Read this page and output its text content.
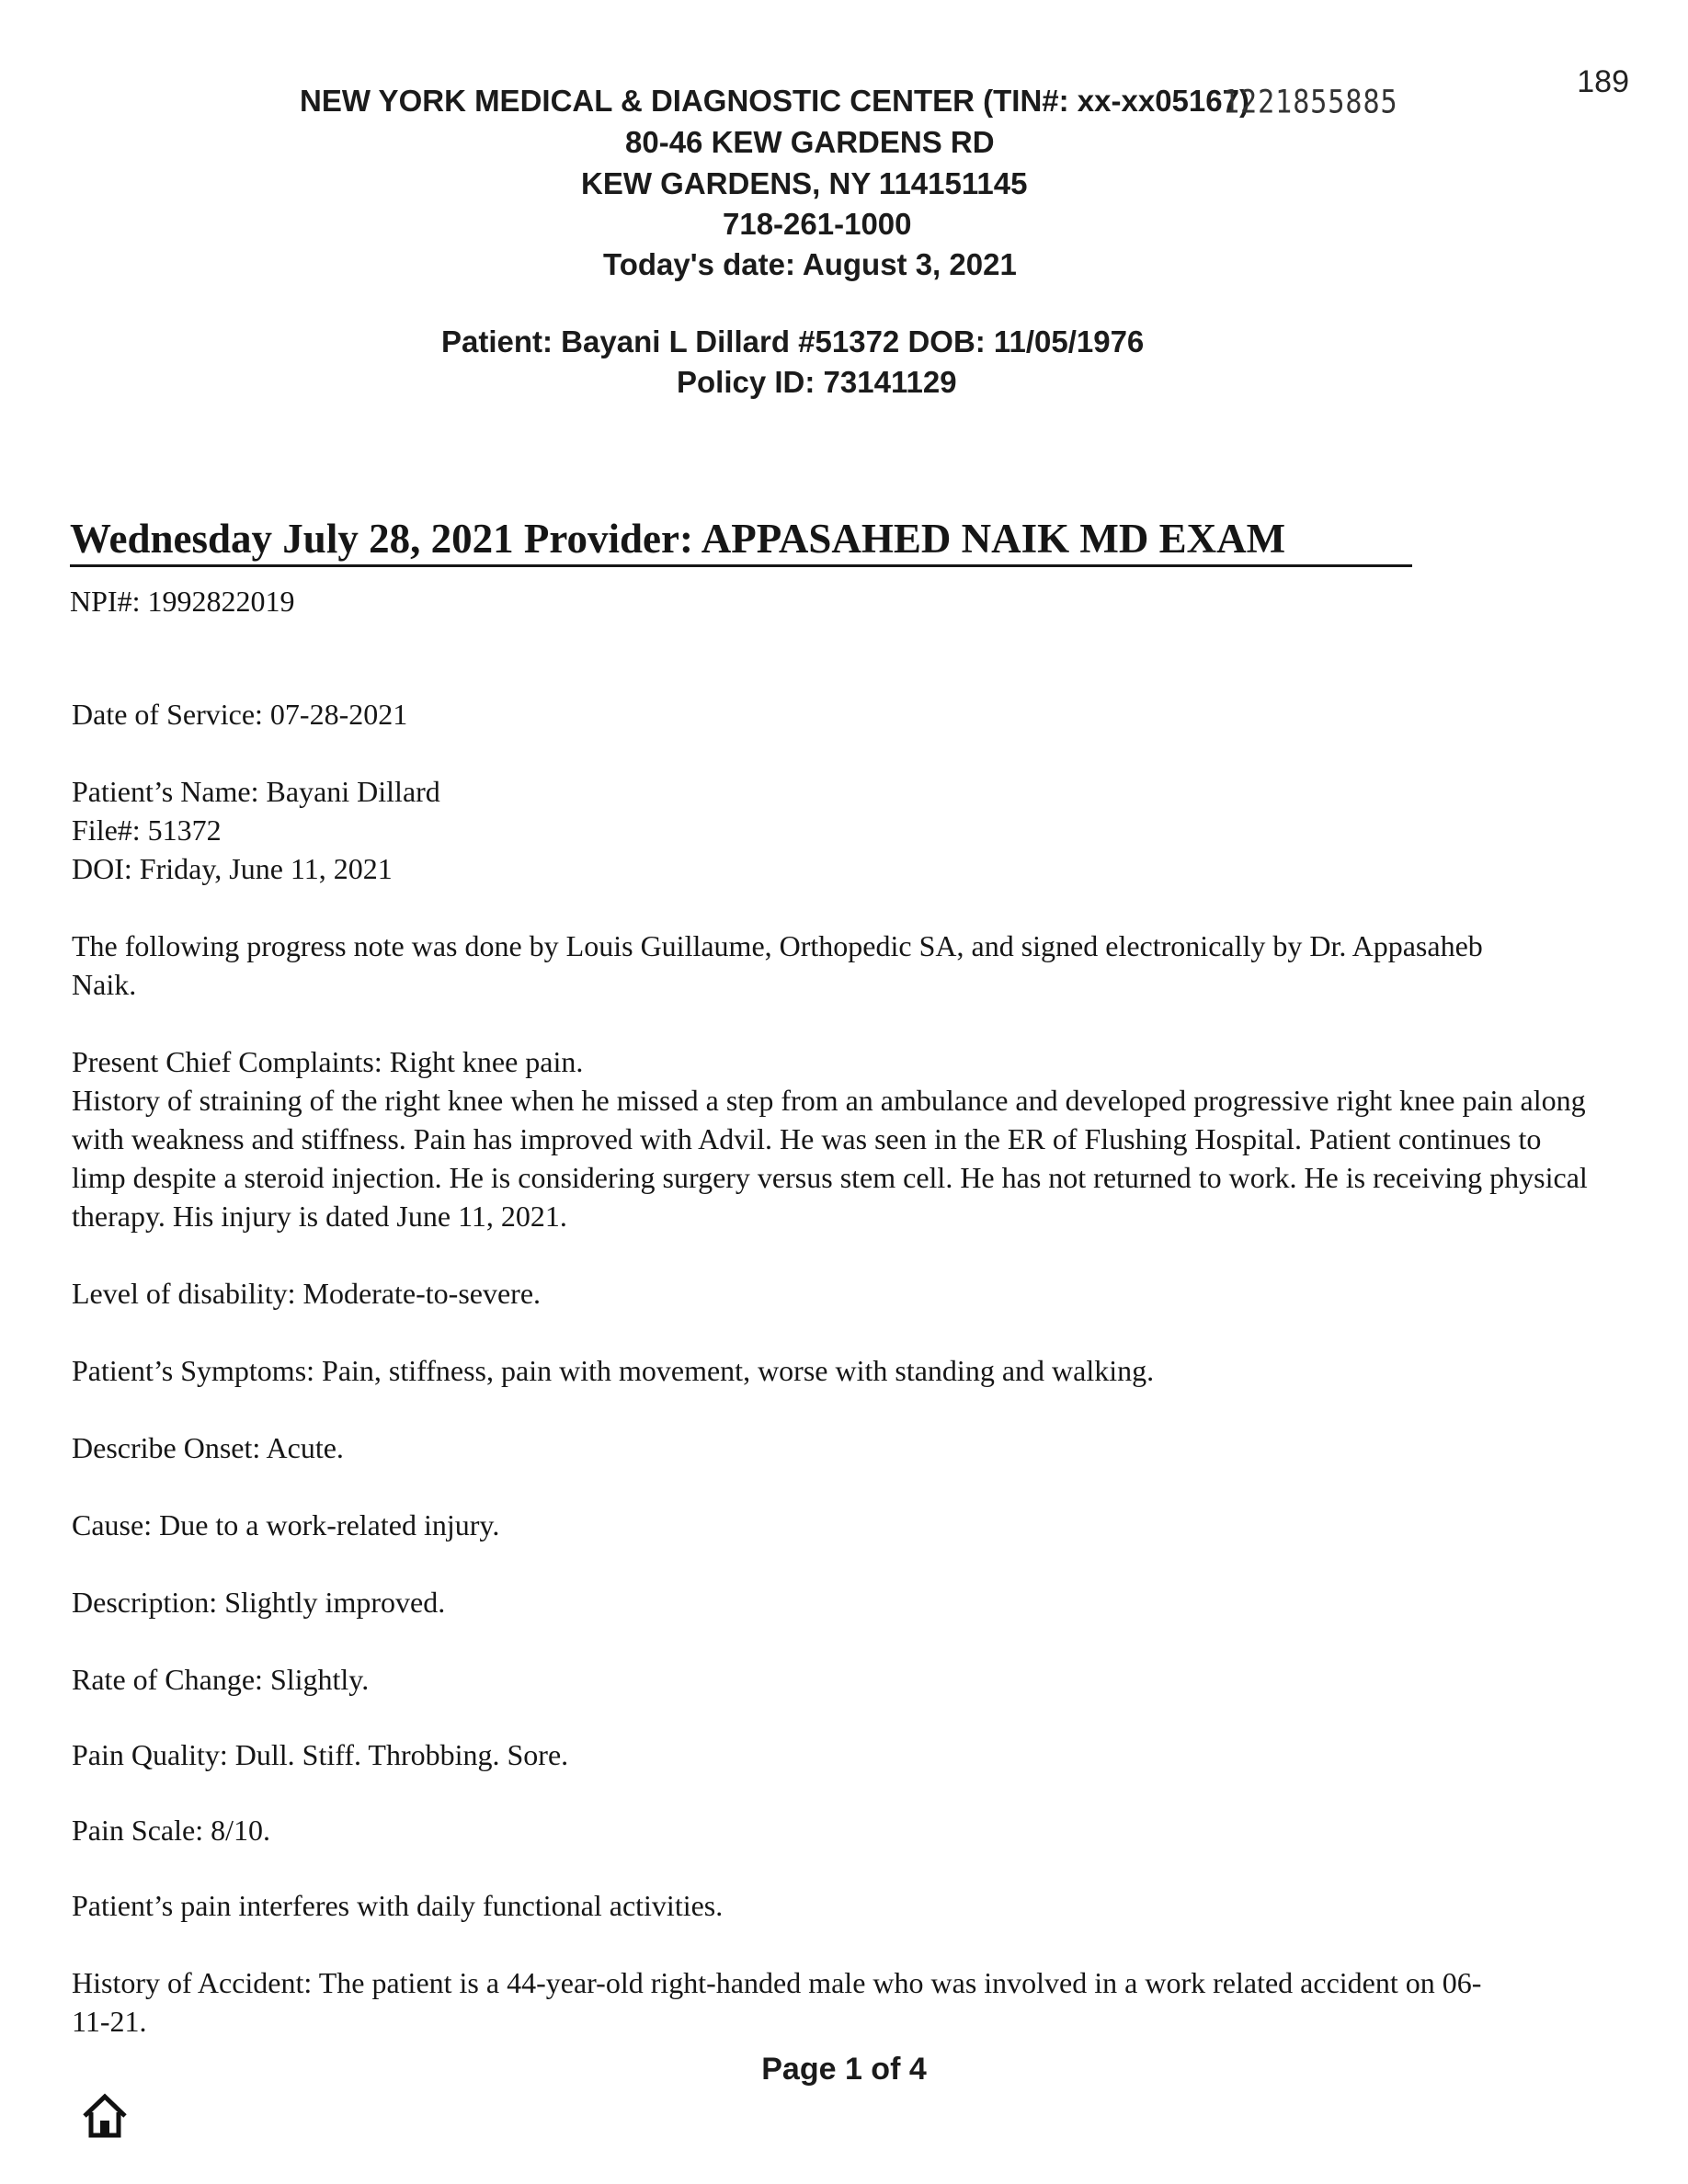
189
NEW YORK MEDICAL & DIAGNOSTIC CENTER (TIN#: xx-xx05167)
80-46 KEW GARDENS RD
KEW GARDENS, NY 114151145
718-261-1000
Today's date: August 3, 2021
Patient: Bayani L Dillard #51372 DOB: 11/05/1976
Policy ID: 73141129
1221855885
Wednesday July 28, 2021 Provider: APPASAHED NAIK MD EXAM
NPI#: 1992822019
Date of Service: 07-28-2021

Patient’s Name: Bayani Dillard

File#: 51372

DOI: Friday, June 11, 2021

The following progress note was done by Louis Guillaume, Orthopedic SA, and signed electronically by Dr. Appasaheb Naik.

Present Chief Complaints: Right knee pain.

History of straining of the right knee when he missed a step from an ambulance and developed progressive right knee pain along with weakness and stiffness. Pain has improved with Advil. He was seen in the ER of Flushing Hospital. Patient continues to limp despite a steroid injection. He is considering surgery versus stem cell. He has not returned to work. He is receiving physical therapy. His injury is dated June 11, 2021.

Level of disability: Moderate-to-severe.
Patient’s Symptoms: Pain, stiffness, pain with movement, worse with standing and walking.
Describe Onset: Acute.
Cause: Due to a work-related injury.
Description: Slightly improved.
Rate of Change: Slightly.
Pain Quality: Dull. Stiff. Throbbing. Sore.
Pain Scale: 8/10.
Patient’s pain interferes with daily functional activities.
History of Accident: The patient is a 44-year-old right-handed male who was involved in a work related accident on 06-11-21.
Page 1 of 4
